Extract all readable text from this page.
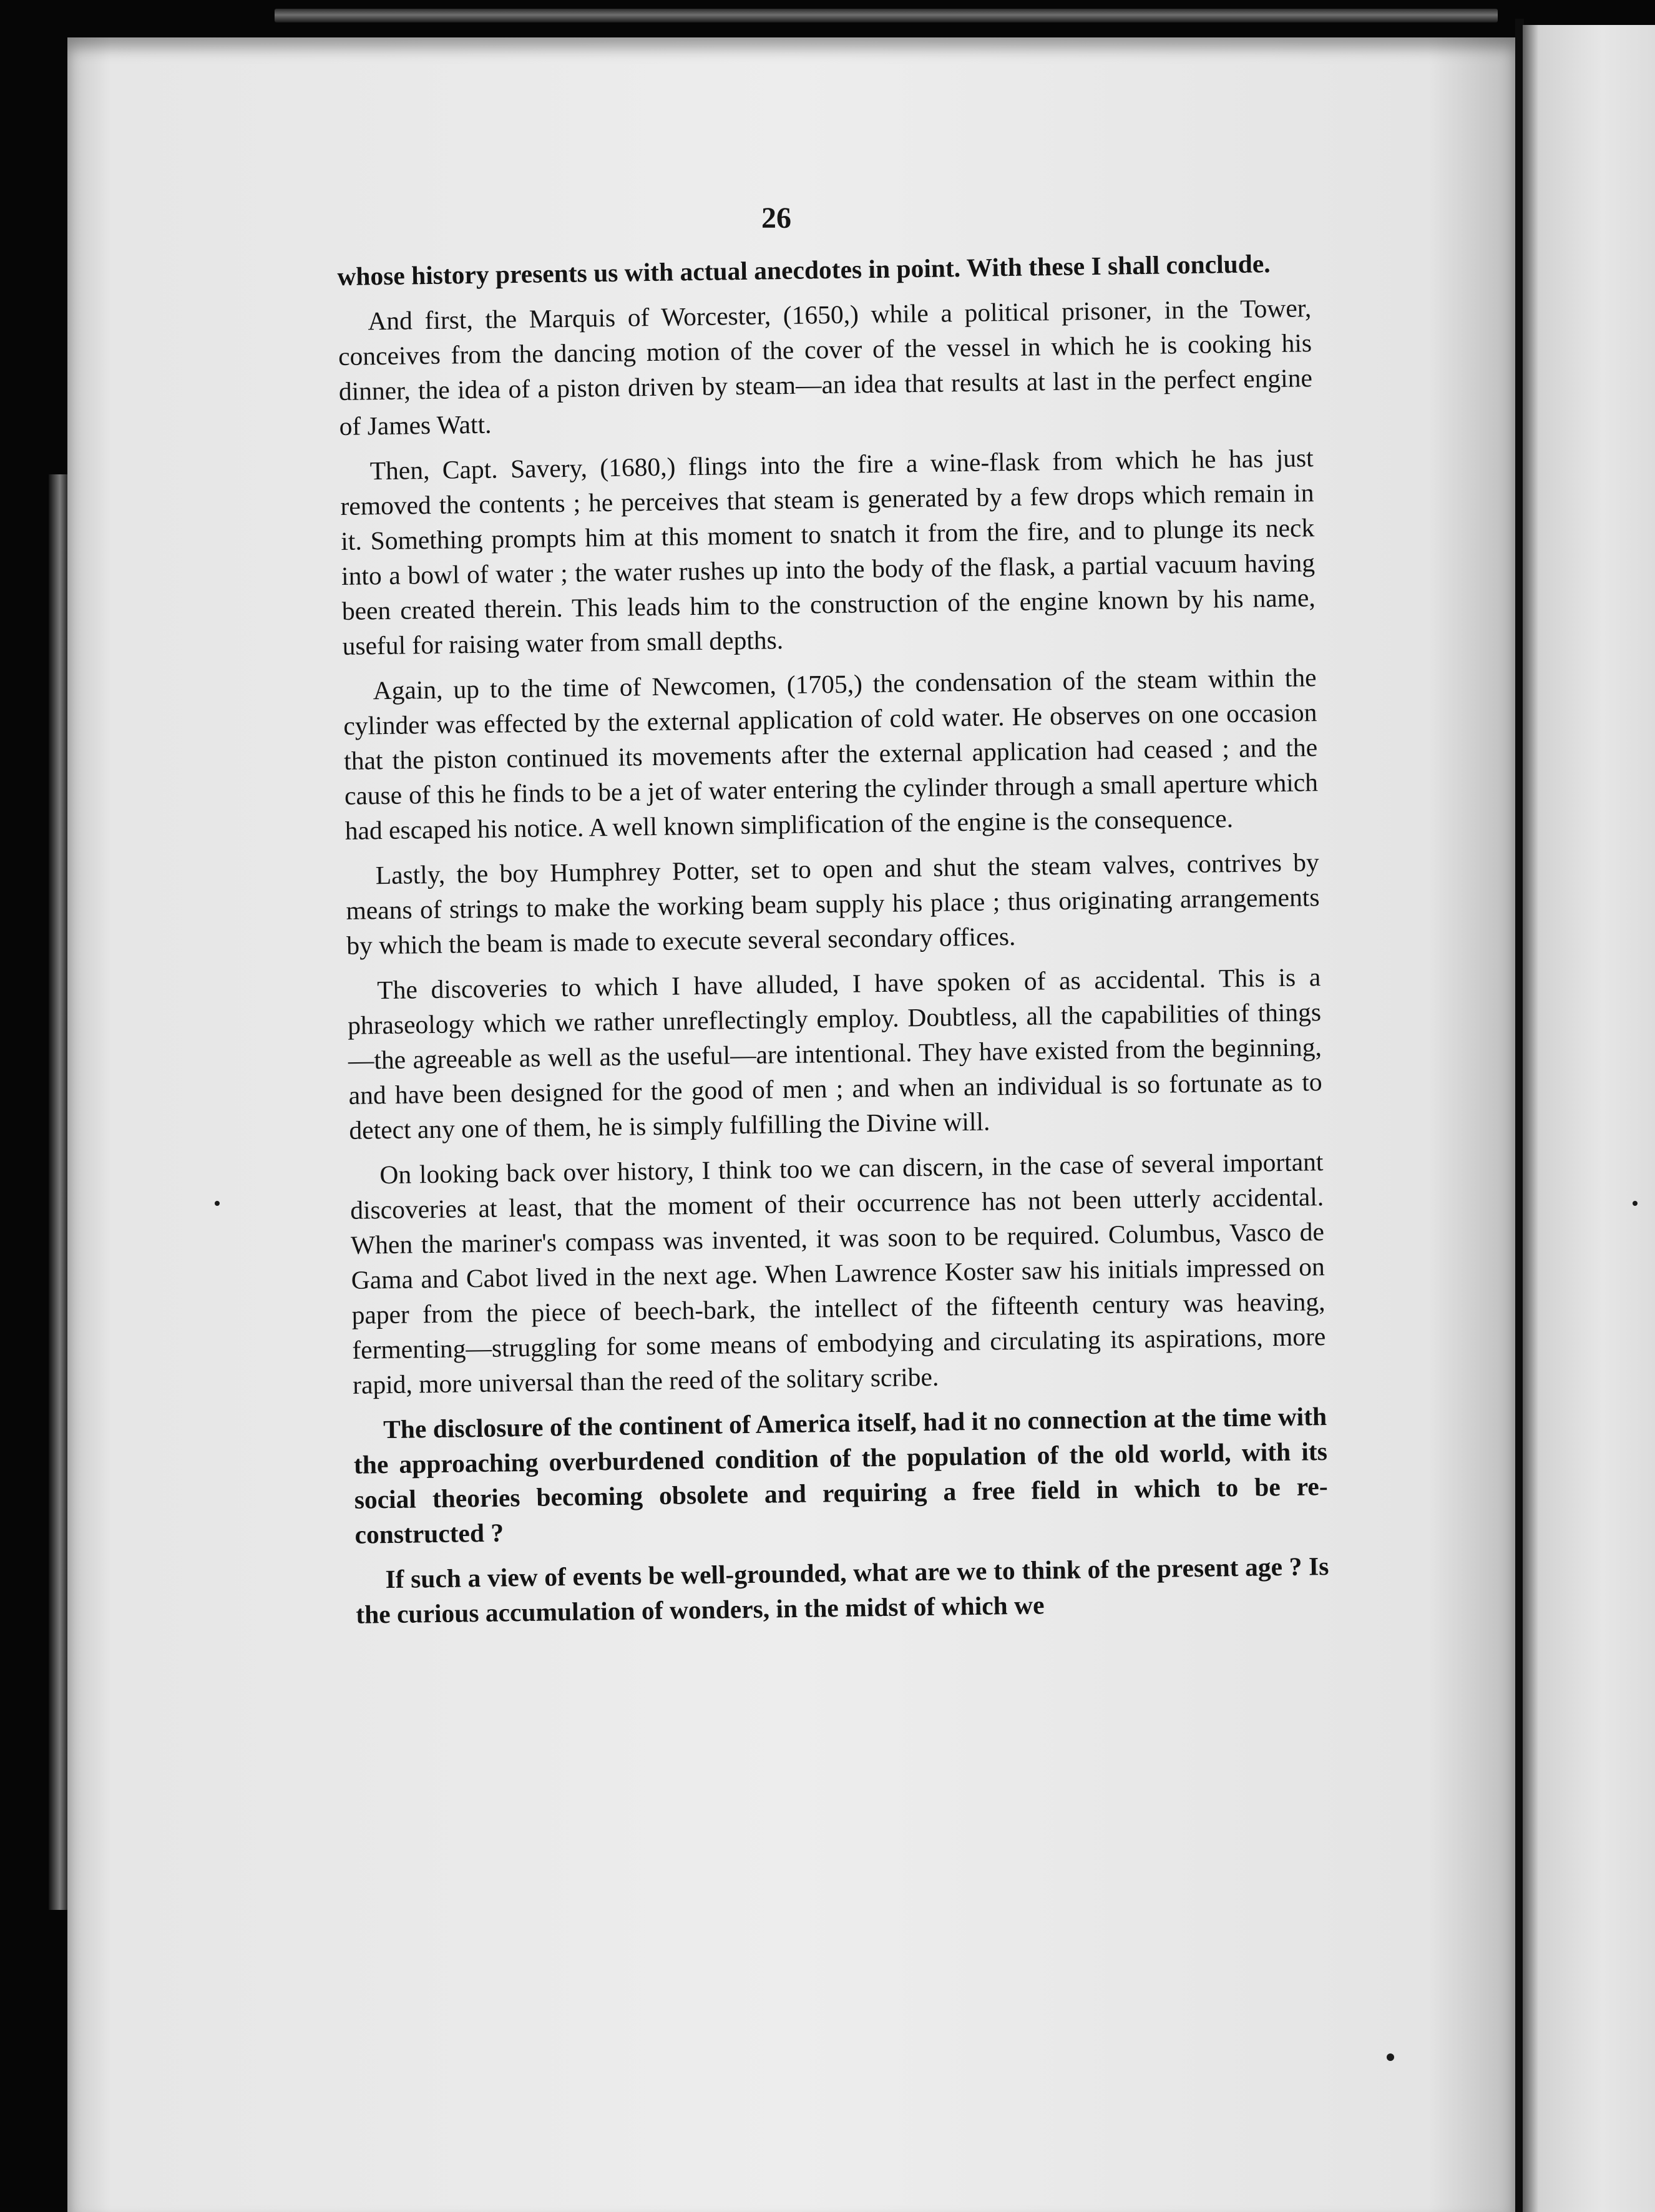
26

whose history presents us with actual anecdotes in point. With these I shall conclude.

And first, the Marquis of Worcester, (1650,) while a political prisoner, in the Tower, conceives from the dancing motion of the cover of the vessel in which he is cooking his dinner, the idea of a piston driven by steam—an idea that results at last in the perfect engine of James Watt.

Then, Capt. Savery, (1680,) flings into the fire a wine-flask from which he has just removed the contents ; he perceives that steam is generated by a few drops which remain in it. Something prompts him at this moment to snatch it from the fire, and to plunge its neck into a bowl of water ; the water rushes up into the body of the flask, a partial vacuum having been created therein. This leads him to the construction of the engine known by his name, useful for raising water from small depths.

Again, up to the time of Newcomen, (1705,) the condensation of the steam within the cylinder was effected by the external application of cold water. He observes on one occasion that the piston continued its movements after the external application had ceased ; and the cause of this he finds to be a jet of water entering the cylinder through a small aperture which had escaped his notice. A well known simplification of the engine is the consequence.

Lastly, the boy Humphrey Potter, set to open and shut the steam valves, contrives by means of strings to make the working beam supply his place ; thus originating arrangements by which the beam is made to execute several secondary offices.

The discoveries to which I have alluded, I have spoken of as accidental. This is a phraseology which we rather unreflectingly employ. Doubtless, all the capabilities of things—the agreeable as well as the useful—are intentional. They have existed from the beginning, and have been designed for the good of men ; and when an individual is so fortunate as to detect any one of them, he is simply fulfilling the Divine will.

On looking back over history, I think too we can discern, in the case of several important discoveries at least, that the moment of their occurrence has not been utterly accidental. When the mariner's compass was invented, it was soon to be required. Columbus, Vasco de Gama and Cabot lived in the next age. When Lawrence Koster saw his initials impressed on paper from the piece of beech-bark, the intellect of the fifteenth century was heaving, fermenting—struggling for some means of embodying and circulating its aspirations, more rapid, more universal than the reed of the solitary scribe.

The disclosure of the continent of America itself, had it no connection at the time with the approaching overburdened condition of the population of the old world, with its social theories becoming obsolete and requiring a free field in which to be re-constructed ?

If such a view of events be well-grounded, what are we to think of the present age ? Is the curious accumulation of wonders, in the midst of which we
